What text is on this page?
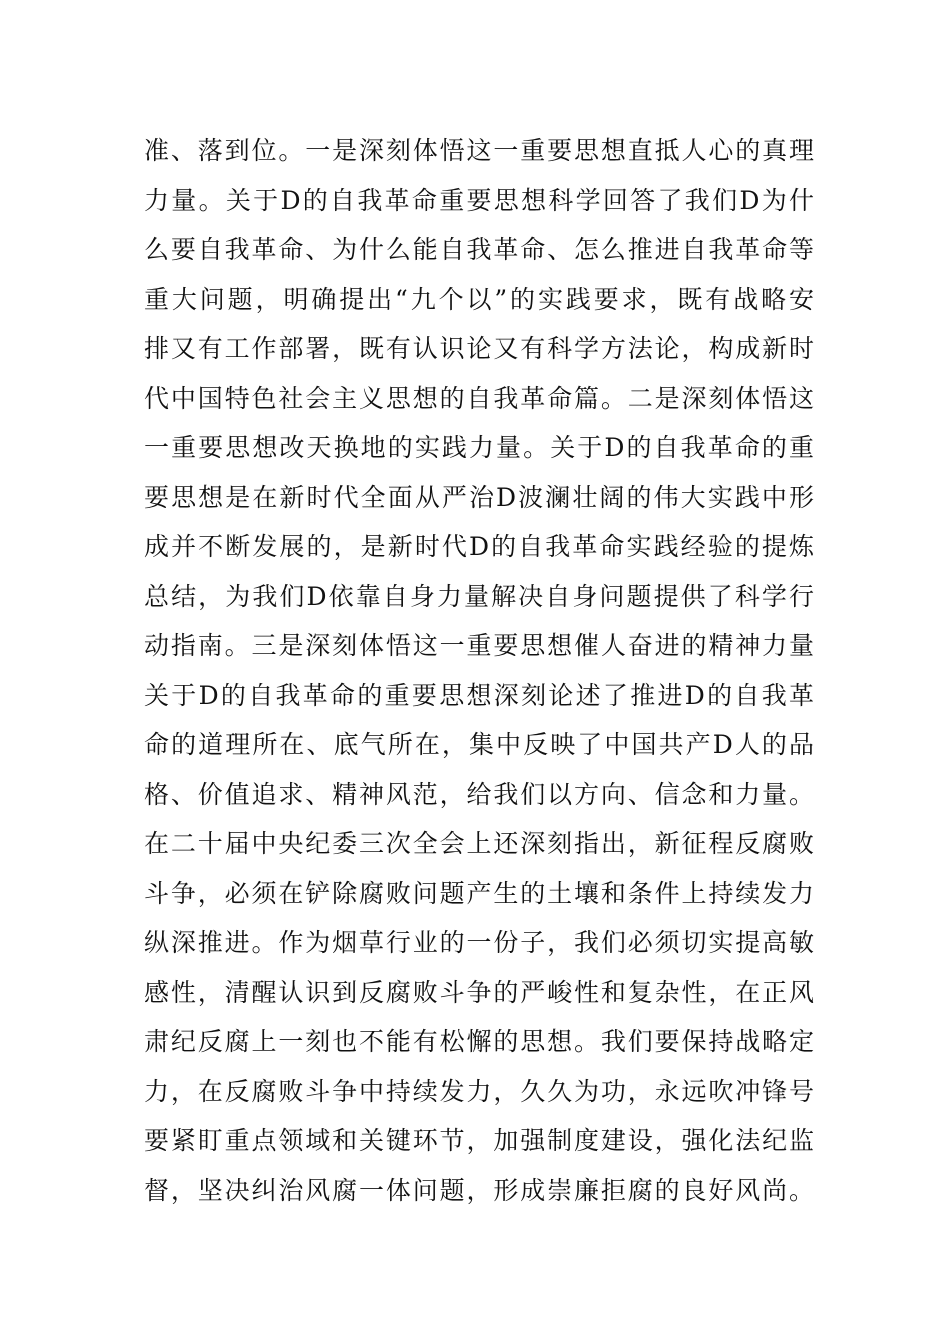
准、落到位。一是深刻体悟这一重要思想直抵人心的真理
力量。关于D的自我革命重要思想科学回答了我们D为什
么要自我革命、为什么能自我革命、怎么推进自我革命等
重大问题，明确提出“九个以”的实践要求，既有战略安
排又有工作部署，既有认识论又有科学方法论，构成新时
代中国特色社会主义思想的自我革命篇。二是深刻体悟这
一重要思想改天换地的实践力量。关于D的自我革命的重
要思想是在新时代全面从严治D波澜壮阔的伟大实践中形
成并不断发展的，是新时代D的自我革命实践经验的提炼
总结，为我们D依靠自身力量解决自身问题提供了科学行
动指南。三是深刻体悟这一重要思想催人奋进的精神力量
关于D的自我革命的重要思想深刻论述了推进D的自我革
命的道理所在、底气所在，集中反映了中国共产D人的品
格、价值追求、精神风范，给我们以方向、信念和力量。
在二十届中央纪委三次全会上还深刻指出，新征程反腐败
斗争，必须在铲除腐败问题产生的土壤和条件上持续发力
纵深推进。作为烟草行业的一份子，我们必须切实提高敏
感性，清醒认识到反腐败斗争的严峻性和复杂性，在正风
肃纪反腐上一刻也不能有松懈的思想。我们要保持战略定
力，在反腐败斗争中持续发力，久久为功，永远吹冲锋号
要紧盯重点领域和关键环节，加强制度建设，强化法纪监
督，坚决纠治风腐一体问题，形成崇廉拒腐的良好风尚。
